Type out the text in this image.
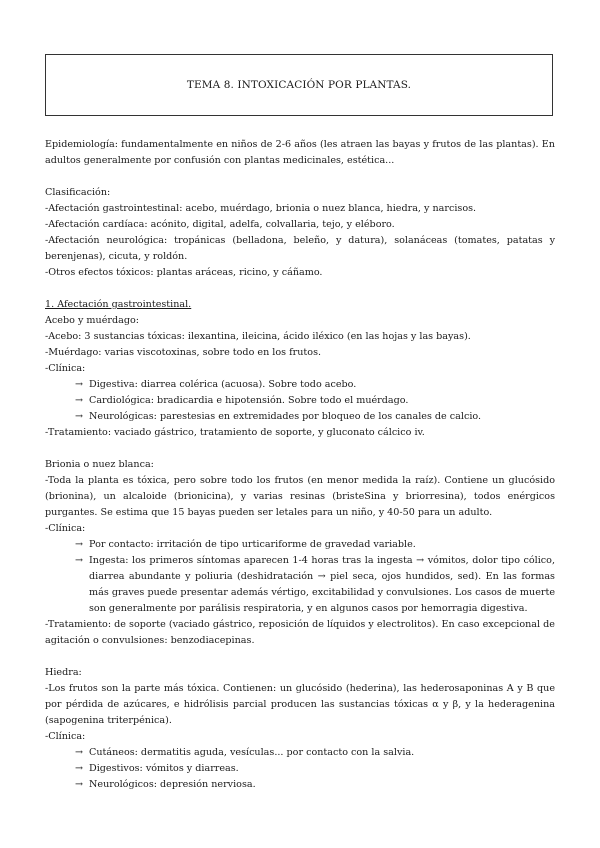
TEMA 8. INTOXICACIÓN POR PLANTAS.

Epidemiología: fundamentalmente en niños de 2-6 años (les atraen las bayas y frutos de las plantas). En adultos generalmente por confusión con plantas medicinales, estética...

Clasificación:

-Afectación gastrointestinal: acebo, muérdago, brionia o nuez blanca, hiedra, y narcisos.

-Afectación cardíaca: acónito, digital, adelfa, colvallaria, tejo, y eléboro.

-Afectación neurológica: tropánicas (belladona, beleño, y datura), solanáceas (tomates, patatas y berenjenas), cicuta, y roldón.

-Otros efectos tóxicos: plantas aráceas, ricino, y cáñamo.

1. Afectación gastrointestinal.

Acebo y muérdago:

-Acebo: 3 sustancias tóxicas: ilexantina, ileicina, ácido iléxico (en las hojas y las bayas).

-Muérdago: varias viscotoxinas, sobre todo en los frutos.

-Clínica:

→ Digestiva: diarrea colérica (acuosa). Sobre todo acebo.

→ Cardiológica: bradicardia e hipotensión. Sobre todo el muérdago.

→ Neurológicas: parestesias en extremidades por bloqueo de los canales de calcio.

-Tratamiento: vaciado gástrico, tratamiento de soporte, y gluconato cálcico iv.

Brionia o nuez blanca:

-Toda la planta es tóxica, pero sobre todo los frutos (en menor medida la raíz). Contiene un glucósido (brionina), un alcaloide (brionicina), y varias resinas (bristeSina y briorresina), todos enérgicos purgantes. Se estima que 15 bayas pueden ser letales para un niño, y 40-50 para un adulto.

-Clínica:

→ Por contacto: irritación de tipo urticariforme de gravedad variable.

→ Ingesta: los primeros síntomas aparecen 1-4 horas tras la ingesta → vómitos, dolor tipo cólico, diarrea abundante y poliuria (deshidratación → piel seca, ojos hundidos, sed). En las formas más graves puede presentar además vértigo, excitabilidad y convulsiones. Los casos de muerte son generalmente por parálisis respiratoria, y en algunos casos por hemorragia digestiva.

-Tratamiento: de soporte (vaciado gástrico, reposición de líquidos y electrolitos). En caso excepcional de agitación o convulsiones: benzodiacepinas.

Hiedra:

-Los frutos son la parte más tóxica. Contienen: un glucósido (hederina), las hederosaponinas A y B que por pérdida de azúcares, e hidrólisis parcial producen las sustancias tóxicas α y β, y la hederagenina (sapogenina triterpénica).

-Clínica:

→ Cutáneos: dermatitis aguda, vesículas... por contacto con la salvia.

→ Digestivos: vómitos y diarreas.

→ Neurológicos: depresión nerviosa.
